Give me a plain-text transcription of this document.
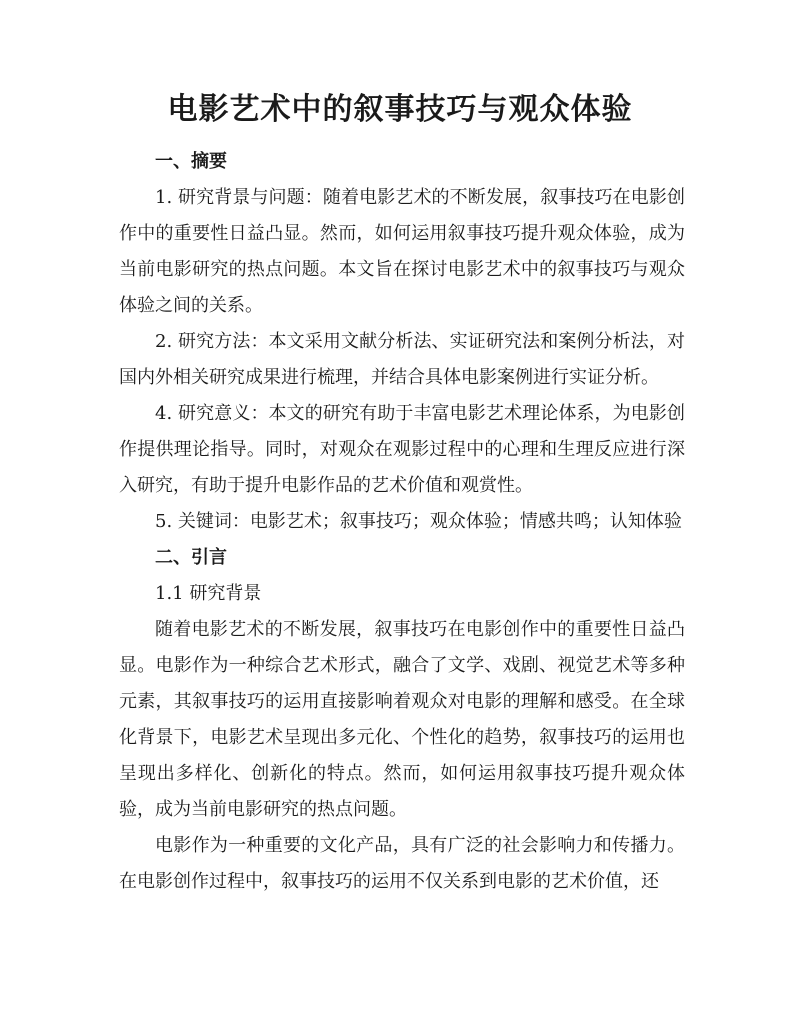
电影艺术中的叙事技巧与观众体验

一、摘要

1. 研究背景与问题：随着电影艺术的不断发展，叙事技巧在电影创作中的重要性日益凸显。然而，如何运用叙事技巧提升观众体验，成为当前电影研究的热点问题。本文旨在探讨电影艺术中的叙事技巧与观众体验之间的关系。

2. 研究方法：本文采用文献分析法、实证研究法和案例分析法，对国内外相关研究成果进行梳理，并结合具体电影案例进行实证分析。

4. 研究意义：本文的研究有助于丰富电影艺术理论体系，为电影创作提供理论指导。同时，对观众在观影过程中的心理和生理反应进行深入研究，有助于提升电影作品的艺术价值和观赏性。

5. 关键词：电影艺术；叙事技巧；观众体验；情感共鸣；认知体验

二、引言

1.1 研究背景

随着电影艺术的不断发展，叙事技巧在电影创作中的重要性日益凸显。电影作为一种综合艺术形式，融合了文学、戏剧、视觉艺术等多种元素，其叙事技巧的运用直接影响着观众对电影的理解和感受。在全球化背景下，电影艺术呈现出多元化、个性化的趋势，叙事技巧的运用也呈现出多样化、创新化的特点。然而，如何运用叙事技巧提升观众体验，成为当前电影研究的热点问题。

电影作为一种重要的文化产品，具有广泛的社会影响力和传播力。在电影创作过程中，叙事技巧的运用不仅关系到电影的艺术价值，还
